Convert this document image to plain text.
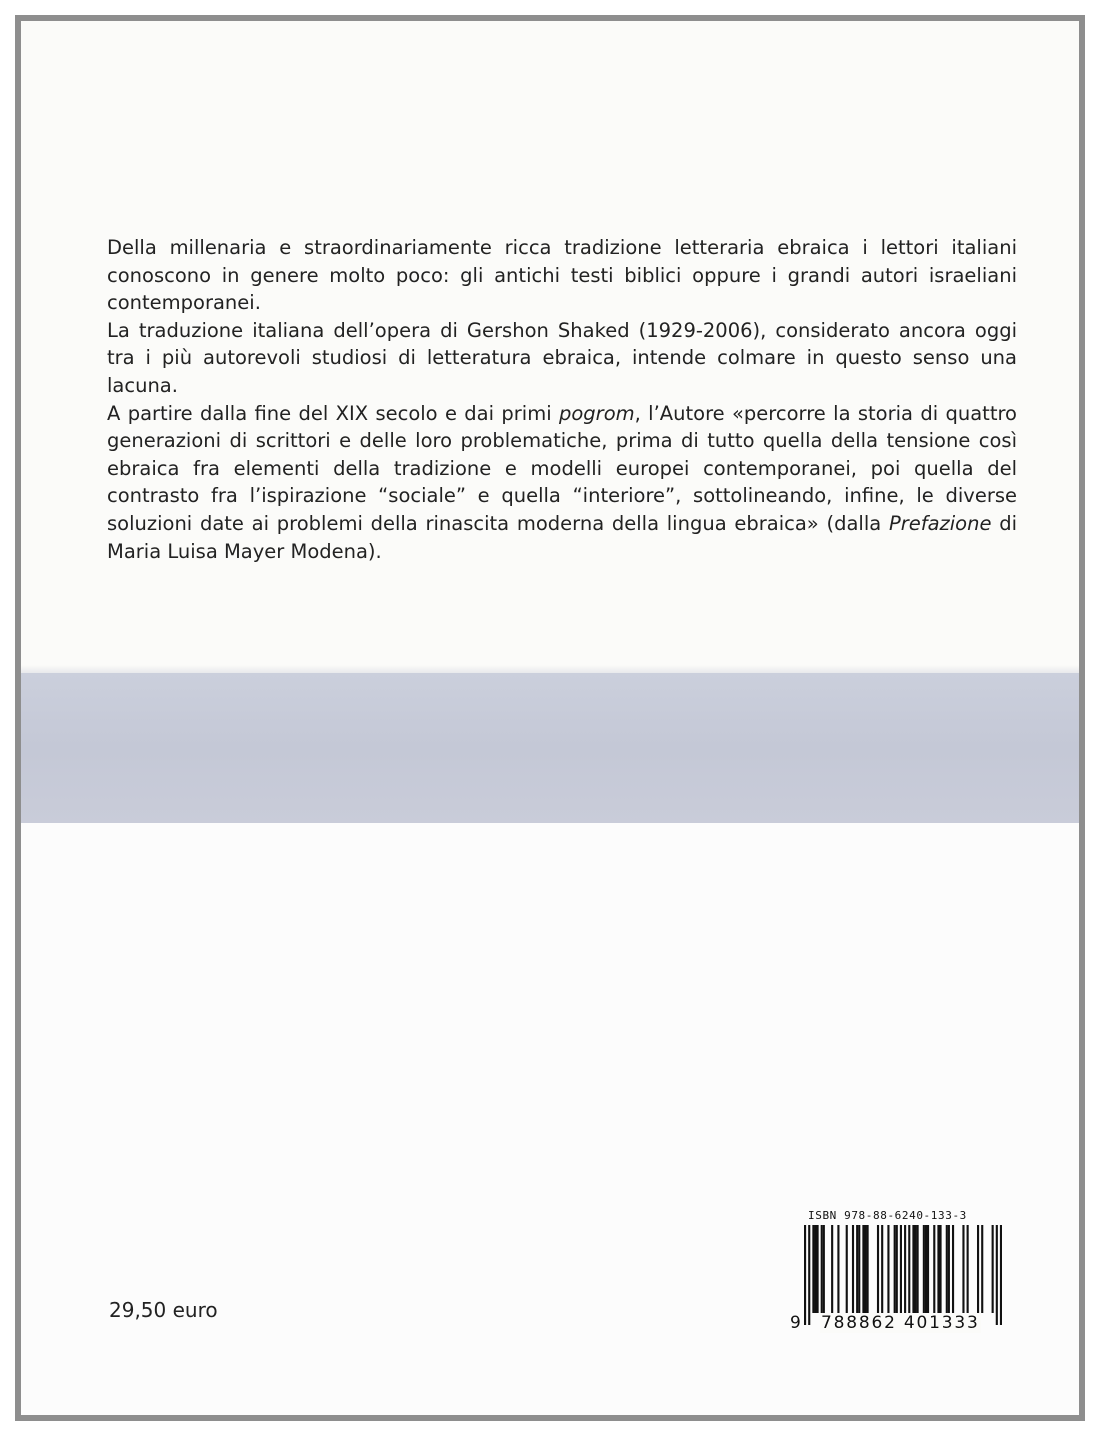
Della millenaria e straordinariamente ricca tradizione letteraria ebraica i lettori italiani conoscono in genere molto poco: gli antichi testi biblici oppure i grandi autori israeliani contemporanei.

La traduzione italiana dell’opera di Gershon Shaked (1929-2006), considerato ancora oggi tra i più autorevoli studiosi di letteratura ebraica, intende colmare in questo senso una lacuna.

A partire dalla fine del XIX secolo e dai primi pogrom, l’Autore «percorre la storia di quattro generazioni di scrittori e delle loro problematiche, prima di tutto quella della tensione così ebraica fra elementi della tradizione e modelli europei contemporanei, poi quella del contrasto fra l’ispirazione “sociale” e quella “interiore”, sottolineando, infine, le diverse soluzioni date ai problemi della rinascita moderna della lingua ebraica» (dalla Prefazione di Maria Luisa Mayer Modena).

29,50 euro
ISBN 978-88-6240-133-3
9 788862 401333
